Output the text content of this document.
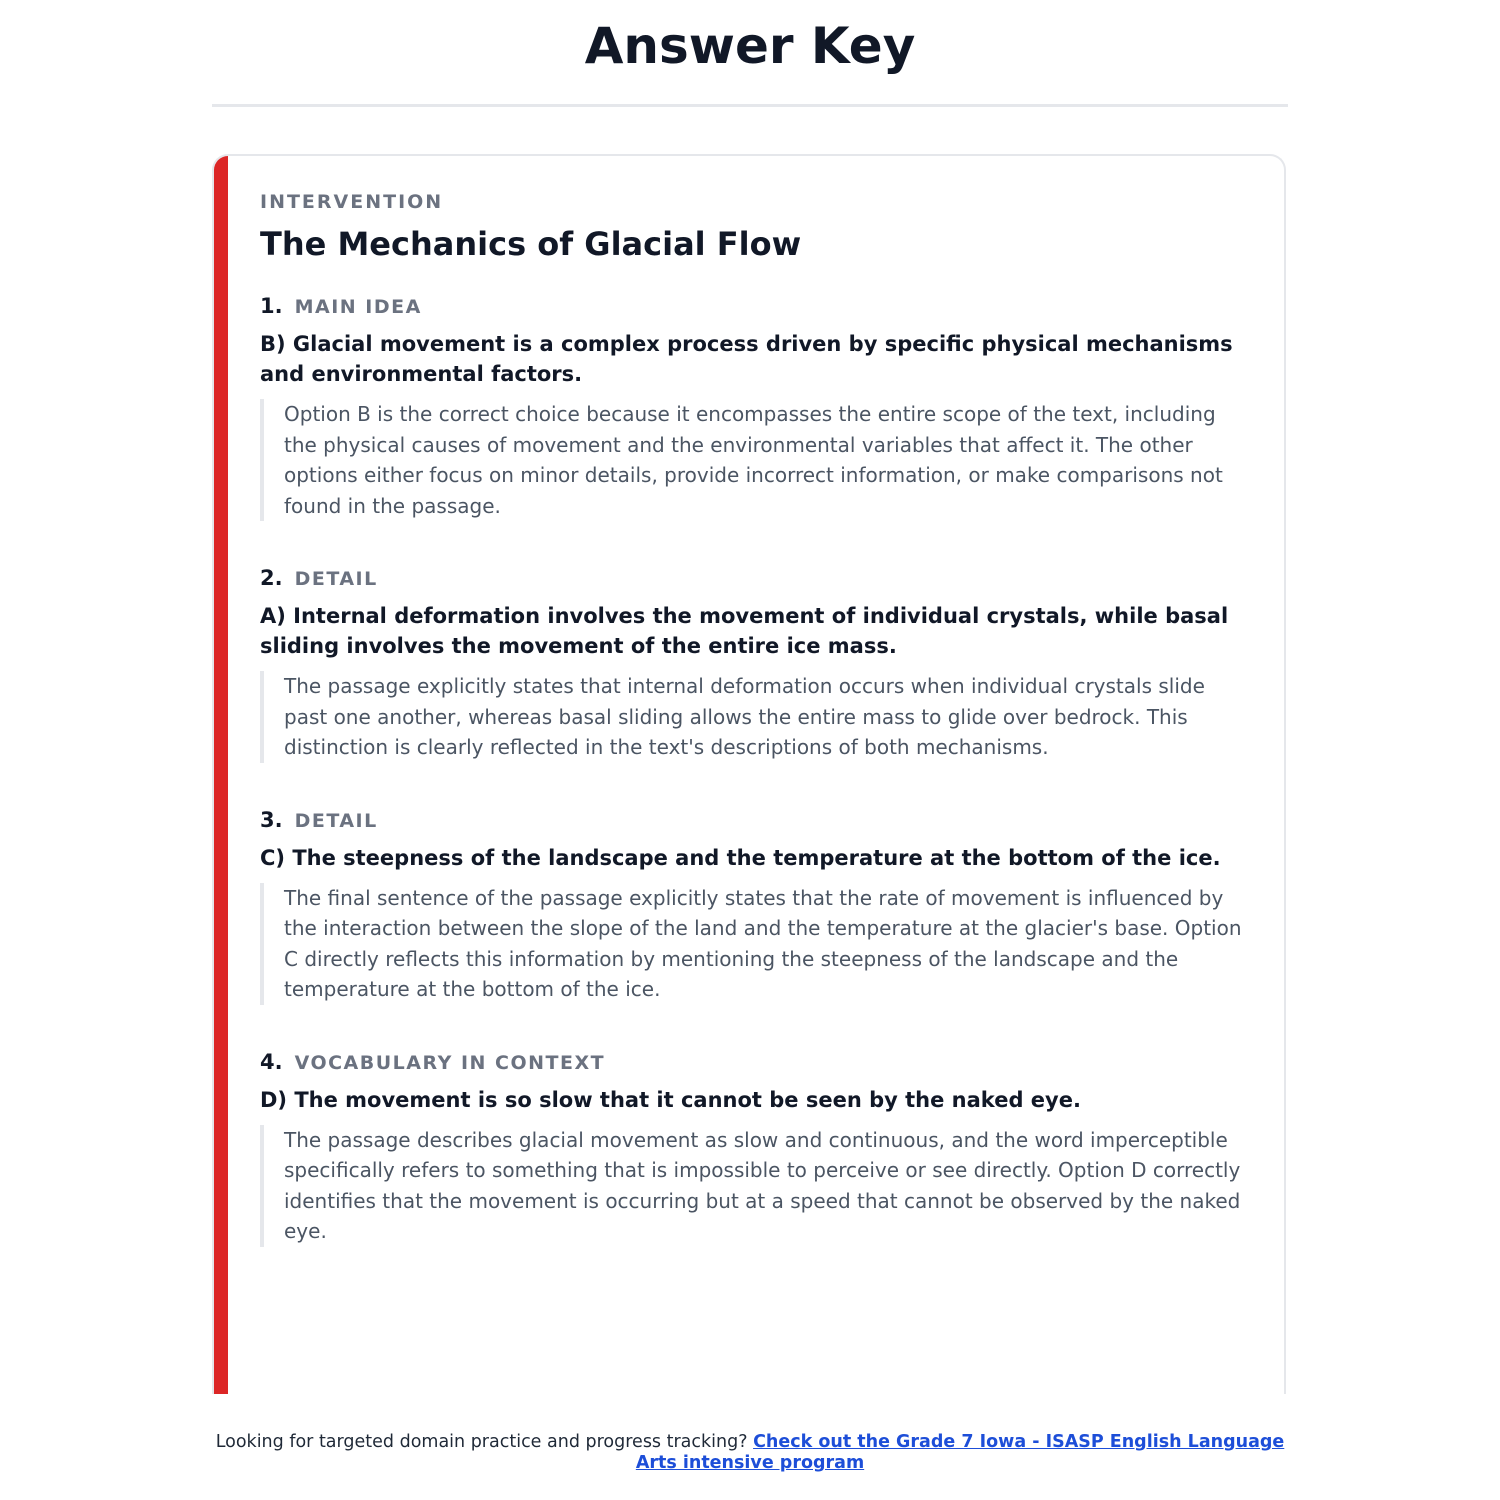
Answer Key
INTERVENTION
The Mechanics of Glacial Flow
1. MAIN IDEA
B) Glacial movement is a complex process driven by specific physical mechanisms and environmental factors.
Option B is the correct choice because it encompasses the entire scope of the text, including the physical causes of movement and the environmental variables that affect it. The other options either focus on minor details, provide incorrect information, or make comparisons not found in the passage.
2. DETAIL
A) Internal deformation involves the movement of individual crystals, while basal sliding involves the movement of the entire ice mass.
The passage explicitly states that internal deformation occurs when individual crystals slide past one another, whereas basal sliding allows the entire mass to glide over bedrock. This distinction is clearly reflected in the text's descriptions of both mechanisms.
3. DETAIL
C) The steepness of the landscape and the temperature at the bottom of the ice.
The final sentence of the passage explicitly states that the rate of movement is influenced by the interaction between the slope of the land and the temperature at the glacier's base. Option C directly reflects this information by mentioning the steepness of the landscape and the temperature at the bottom of the ice.
4. VOCABULARY IN CONTEXT
D) The movement is so slow that it cannot be seen by the naked eye.
The passage describes glacial movement as slow and continuous, and the word imperceptible specifically refers to something that is impossible to perceive or see directly. Option D correctly identifies that the movement is occurring but at a speed that cannot be observed by the naked eye.
Looking for targeted domain practice and progress tracking? Check out the Grade 7 Iowa - ISASP English Language Arts intensive program
